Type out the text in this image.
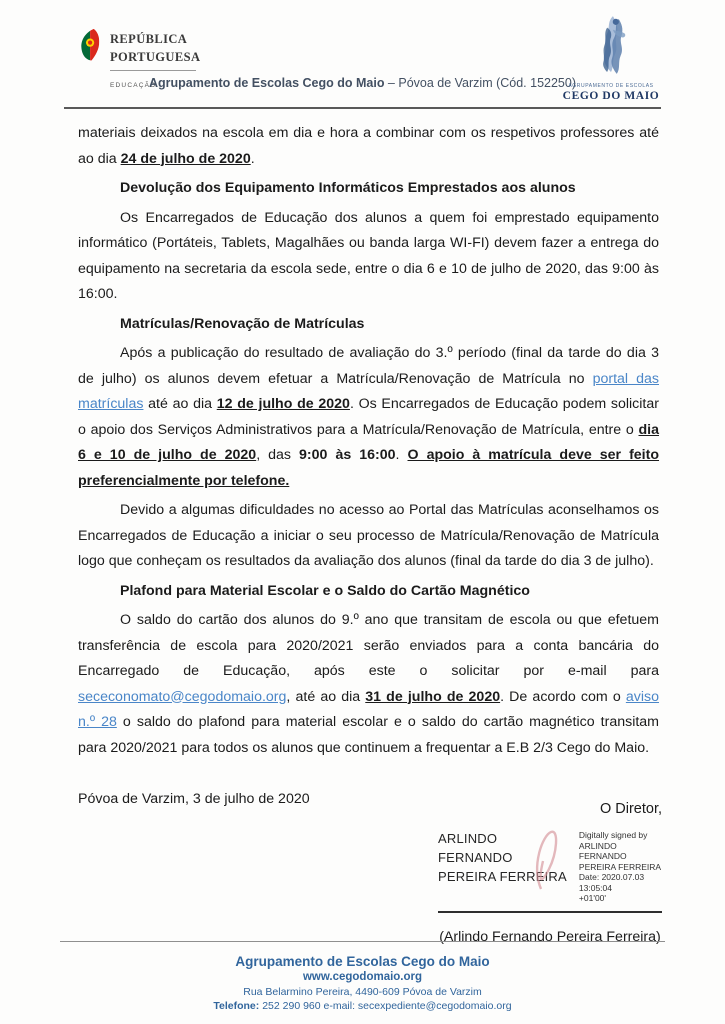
REPÚBLICA
PORTUGUESA
EDUCAÇÃO
Agrupamento de Escolas Cego do Maio – Póvoa de Varzim (Cód. 152250)
AGRUPAMENTO DE ESCOLAS
CEGO DO MAIO
materiais deixados na escola em dia e hora a combinar com os respetivos professores até ao dia 24 de julho de 2020.
Devolução dos Equipamento Informáticos Emprestados aos alunos
Os Encarregados de Educação dos alunos a quem foi emprestado equipamento informático (Portáteis, Tablets, Magalhães ou banda larga WI-FI) devem fazer a entrega do equipamento na secretaria da escola sede, entre o dia 6 e 10 de julho de 2020, das 9:00 às 16:00.
Matrículas/Renovação de Matrículas
Após a publicação do resultado de avaliação do 3.º período (final da tarde do dia 3 de julho) os alunos devem efetuar a Matrícula/Renovação de Matrícula no portal das matrículas até ao dia 12 de julho de 2020. Os Encarregados de Educação podem solicitar o apoio dos Serviços Administrativos para a Matrícula/Renovação de Matrícula, entre o dia 6 e 10 de julho de 2020, das 9:00 às 16:00. O apoio à matrícula deve ser feito preferencialmente por telefone.
Devido a algumas dificuldades no acesso ao Portal das Matrículas aconselhamos os Encarregados de Educação a iniciar o seu processo de Matrícula/Renovação de Matrícula logo que conheçam os resultados da avaliação dos alunos (final da tarde do dia 3 de julho).
Plafond para Material Escolar e o Saldo do Cartão Magnético
O saldo do cartão dos alunos do 9.º ano que transitam de escola ou que efetuem transferência de escola para 2020/2021 serão enviados para a conta bancária do Encarregado de Educação, após este o solicitar por e-mail para sececonomato@cegodomaio.org, até ao dia 31 de julho de 2020. De acordo com o aviso n.º 28 o saldo do plafond para material escolar e o saldo do cartão magnético transitam para 2020/2021 para todos os alunos que continuem a frequentar a E.B 2/3 Cego do Maio.
Póvoa de Varzim, 3 de julho de 2020
O Diretor,
ARLINDO
FERNANDO
PEREIRA FERREIRA
Digitally signed by
ARLINDO FERNANDO
PEREIRA FERREIRA
Date: 2020.07.03 13:05:04
+01'00'
(Arlindo Fernando Pereira Ferreira)
Agrupamento de Escolas Cego do Maio
www.cegodomaio.org
Rua Belarmino Pereira, 4490-609 Póvoa de Varzim
Telefone: 252 290 960 e-mail: secexpediente@cegodomaio.org
